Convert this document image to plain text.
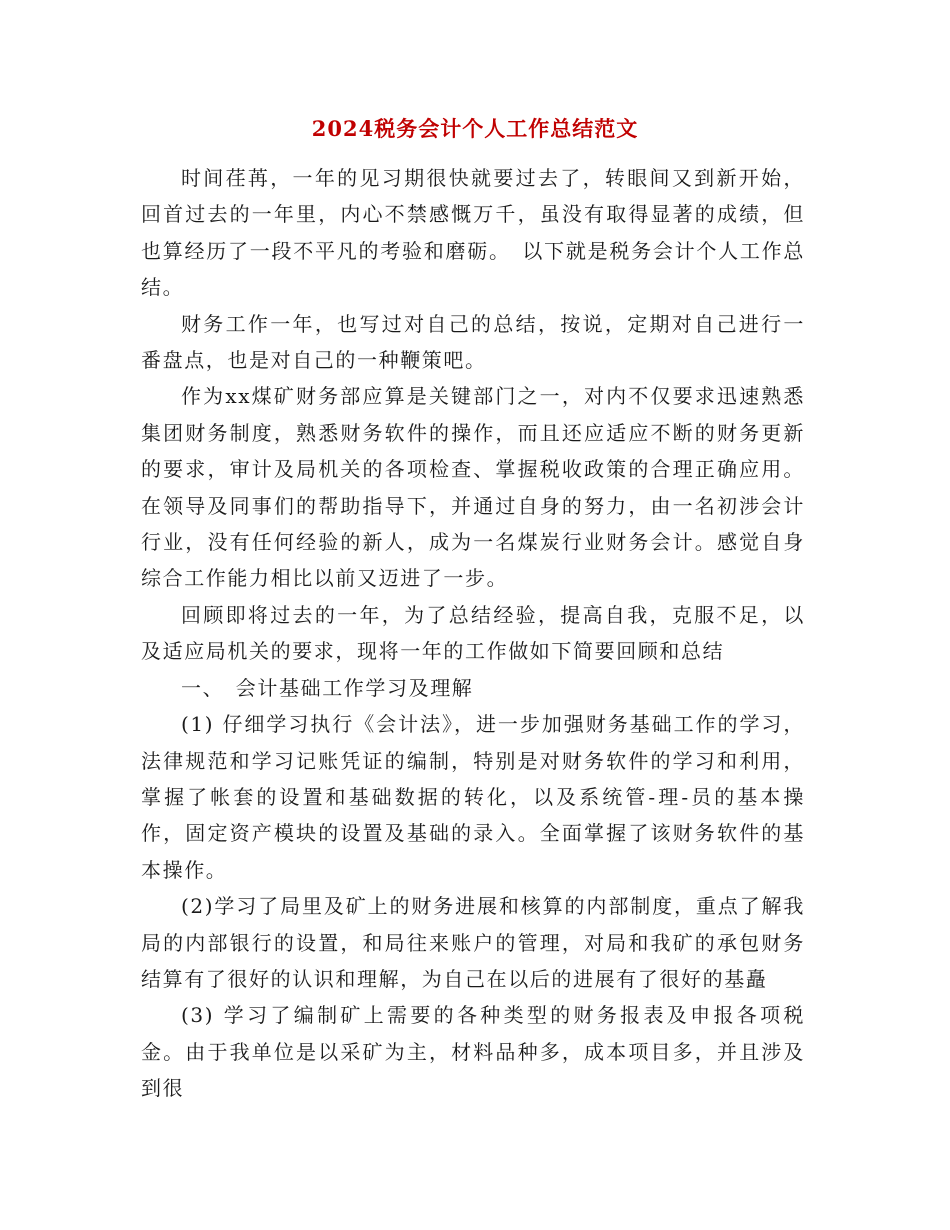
2024税务会计个人工作总结范文

时间荏苒，一年的见习期很快就要过去了，转眼间又到新开始，回首过去的一年里，内心不禁感慨万千，虽没有取得显著的成绩，但也算经历了一段不平凡的考验和磨砺。　以下就是税务会计个人工作总结。

财务工作一年，也写过对自己的总结，按说，定期对自己进行一番盘点，也是对自己的一种鞭策吧。

作为xx煤矿财务部应算是关键部门之一，对内不仅要求迅速熟悉集团财务制度，熟悉财务软件的操作，而且还应适应不断的财务更新的要求，审计及局机关的各项检查、掌握税收政策的合理正确应用。在领导及同事们的帮助指导下，并通过自身的努力，由一名初涉会计行业，没有任何经验的新人，成为一名煤炭行业财务会计。感觉自身综合工作能力相比以前又迈进了一步。

回顾即将过去的一年，为了总结经验，提高自我，克服不足，以及适应局机关的要求，现将一年的工作做如下简要回顾和总结

一、　会计基础工作学习及理解

(1) 仔细学习执行《会计法》，进一步加强财务基础工作的学习，法律规范和学习记账凭证的编制，特别是对财务软件的学习和利用，掌握了帐套的设置和基础数据的转化，以及系统管-理-员的基本操作，固定资产模块的设置及基础的录入。全面掌握了该财务软件的基本操作。

(2)学习了局里及矿上的财务进展和核算的内部制度，重点了解我局的内部银行的设置，和局往来账户的管理，对局和我矿的承包财务结算有了很好的认识和理解，为自己在以后的进展有了很好的基矗

(3) 学习了编制矿上需要的各种类型的财务报表及申报各项税金。由于我单位是以采矿为主，材料品种多，成本项目多，并且涉及到很
